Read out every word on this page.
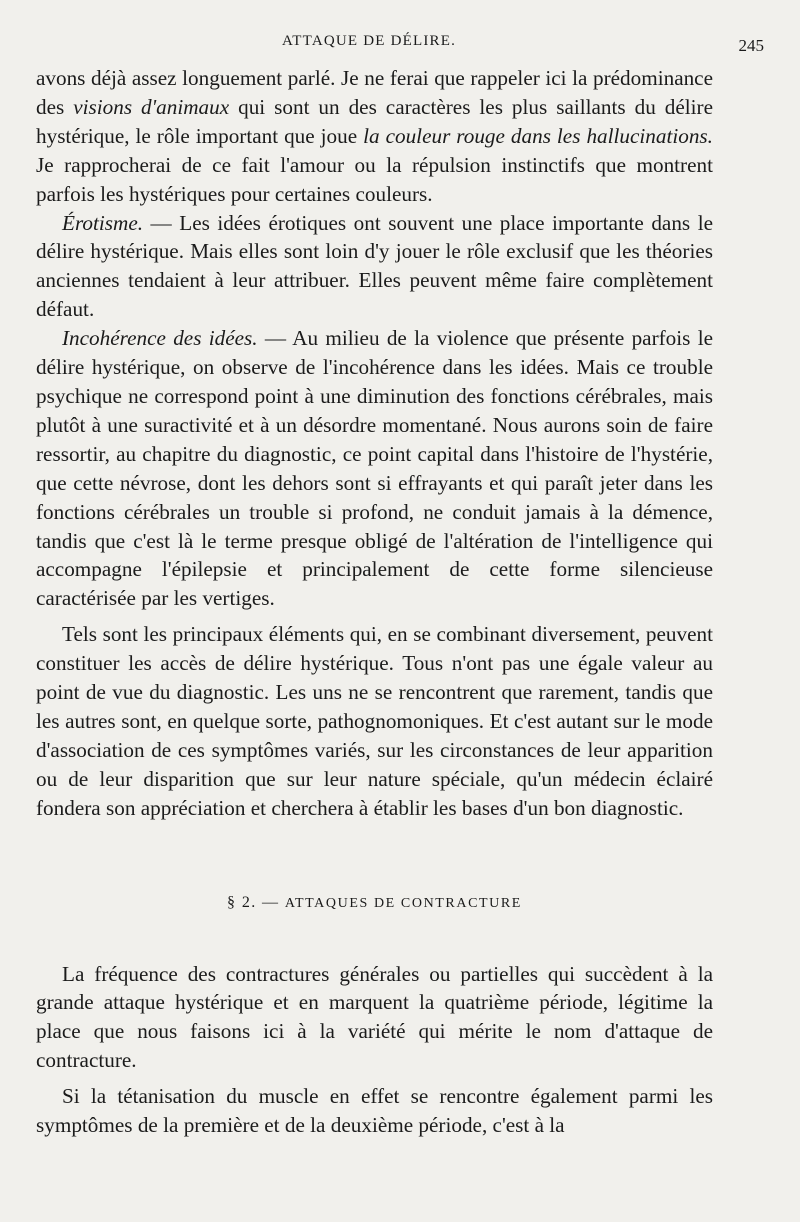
ATTAQUE DE DÉLIRE.	245

avons déjà assez longuement parlé. Je ne ferai que rappeler ici la prédominance des visions d'animaux qui sont un des caractères les plus saillants du délire hystérique, le rôle important que joue la couleur rouge dans les hallucinations. Je rapprocherai de ce fait l'amour ou la répulsion instinctifs que montrent parfois les hystériques pour certaines couleurs.

Érotisme. — Les idées érotiques ont souvent une place importante dans le délire hystérique. Mais elles sont loin d'y jouer le rôle exclusif que les théories anciennes tendaient à leur attribuer. Elles peuvent même faire complètement défaut.

Incohérence des idées. — Au milieu de la violence que présente parfois le délire hystérique, on observe de l'incohérence dans les idées. Mais ce trouble psychique ne correspond point à une diminution des fonctions cérébrales, mais plutôt à une suractivité et à un désordre momentané. Nous aurons soin de faire ressortir, au chapitre du diagnostic, ce point capital dans l'histoire de l'hystérie, que cette névrose, dont les dehors sont si effrayants et qui paraît jeter dans les fonctions cérébrales un trouble si profond, ne conduit jamais à la démence, tandis que c'est là le terme presque obligé de l'altération de l'intelligence qui accompagne l'épilepsie et principalement de cette forme silencieuse caractérisée par les vertiges.

Tels sont les principaux éléments qui, en se combinant diversement, peuvent constituer les accès de délire hystérique. Tous n'ont pas une égale valeur au point de vue du diagnostic. Les uns ne se rencontrent que rarement, tandis que les autres sont, en quelque sorte, pathognomoniques. Et c'est autant sur le mode d'association de ces symptômes variés, sur les circonstances de leur apparition ou de leur disparition que sur leur nature spéciale, qu'un médecin éclairé fondera son appréciation et cherchera à établir les bases d'un bon diagnostic.

§ 2. — ATTAQUES DE CONTRACTURE

La fréquence des contractures générales ou partielles qui succèdent à la grande attaque hystérique et en marquent la quatrième période, légitime la place que nous faisons ici à la variété qui mérite le nom d'attaque de contracture.

Si la tétanisation du muscle en effet se rencontre également parmi les symptômes de la première et de la deuxième période, c'est à la
